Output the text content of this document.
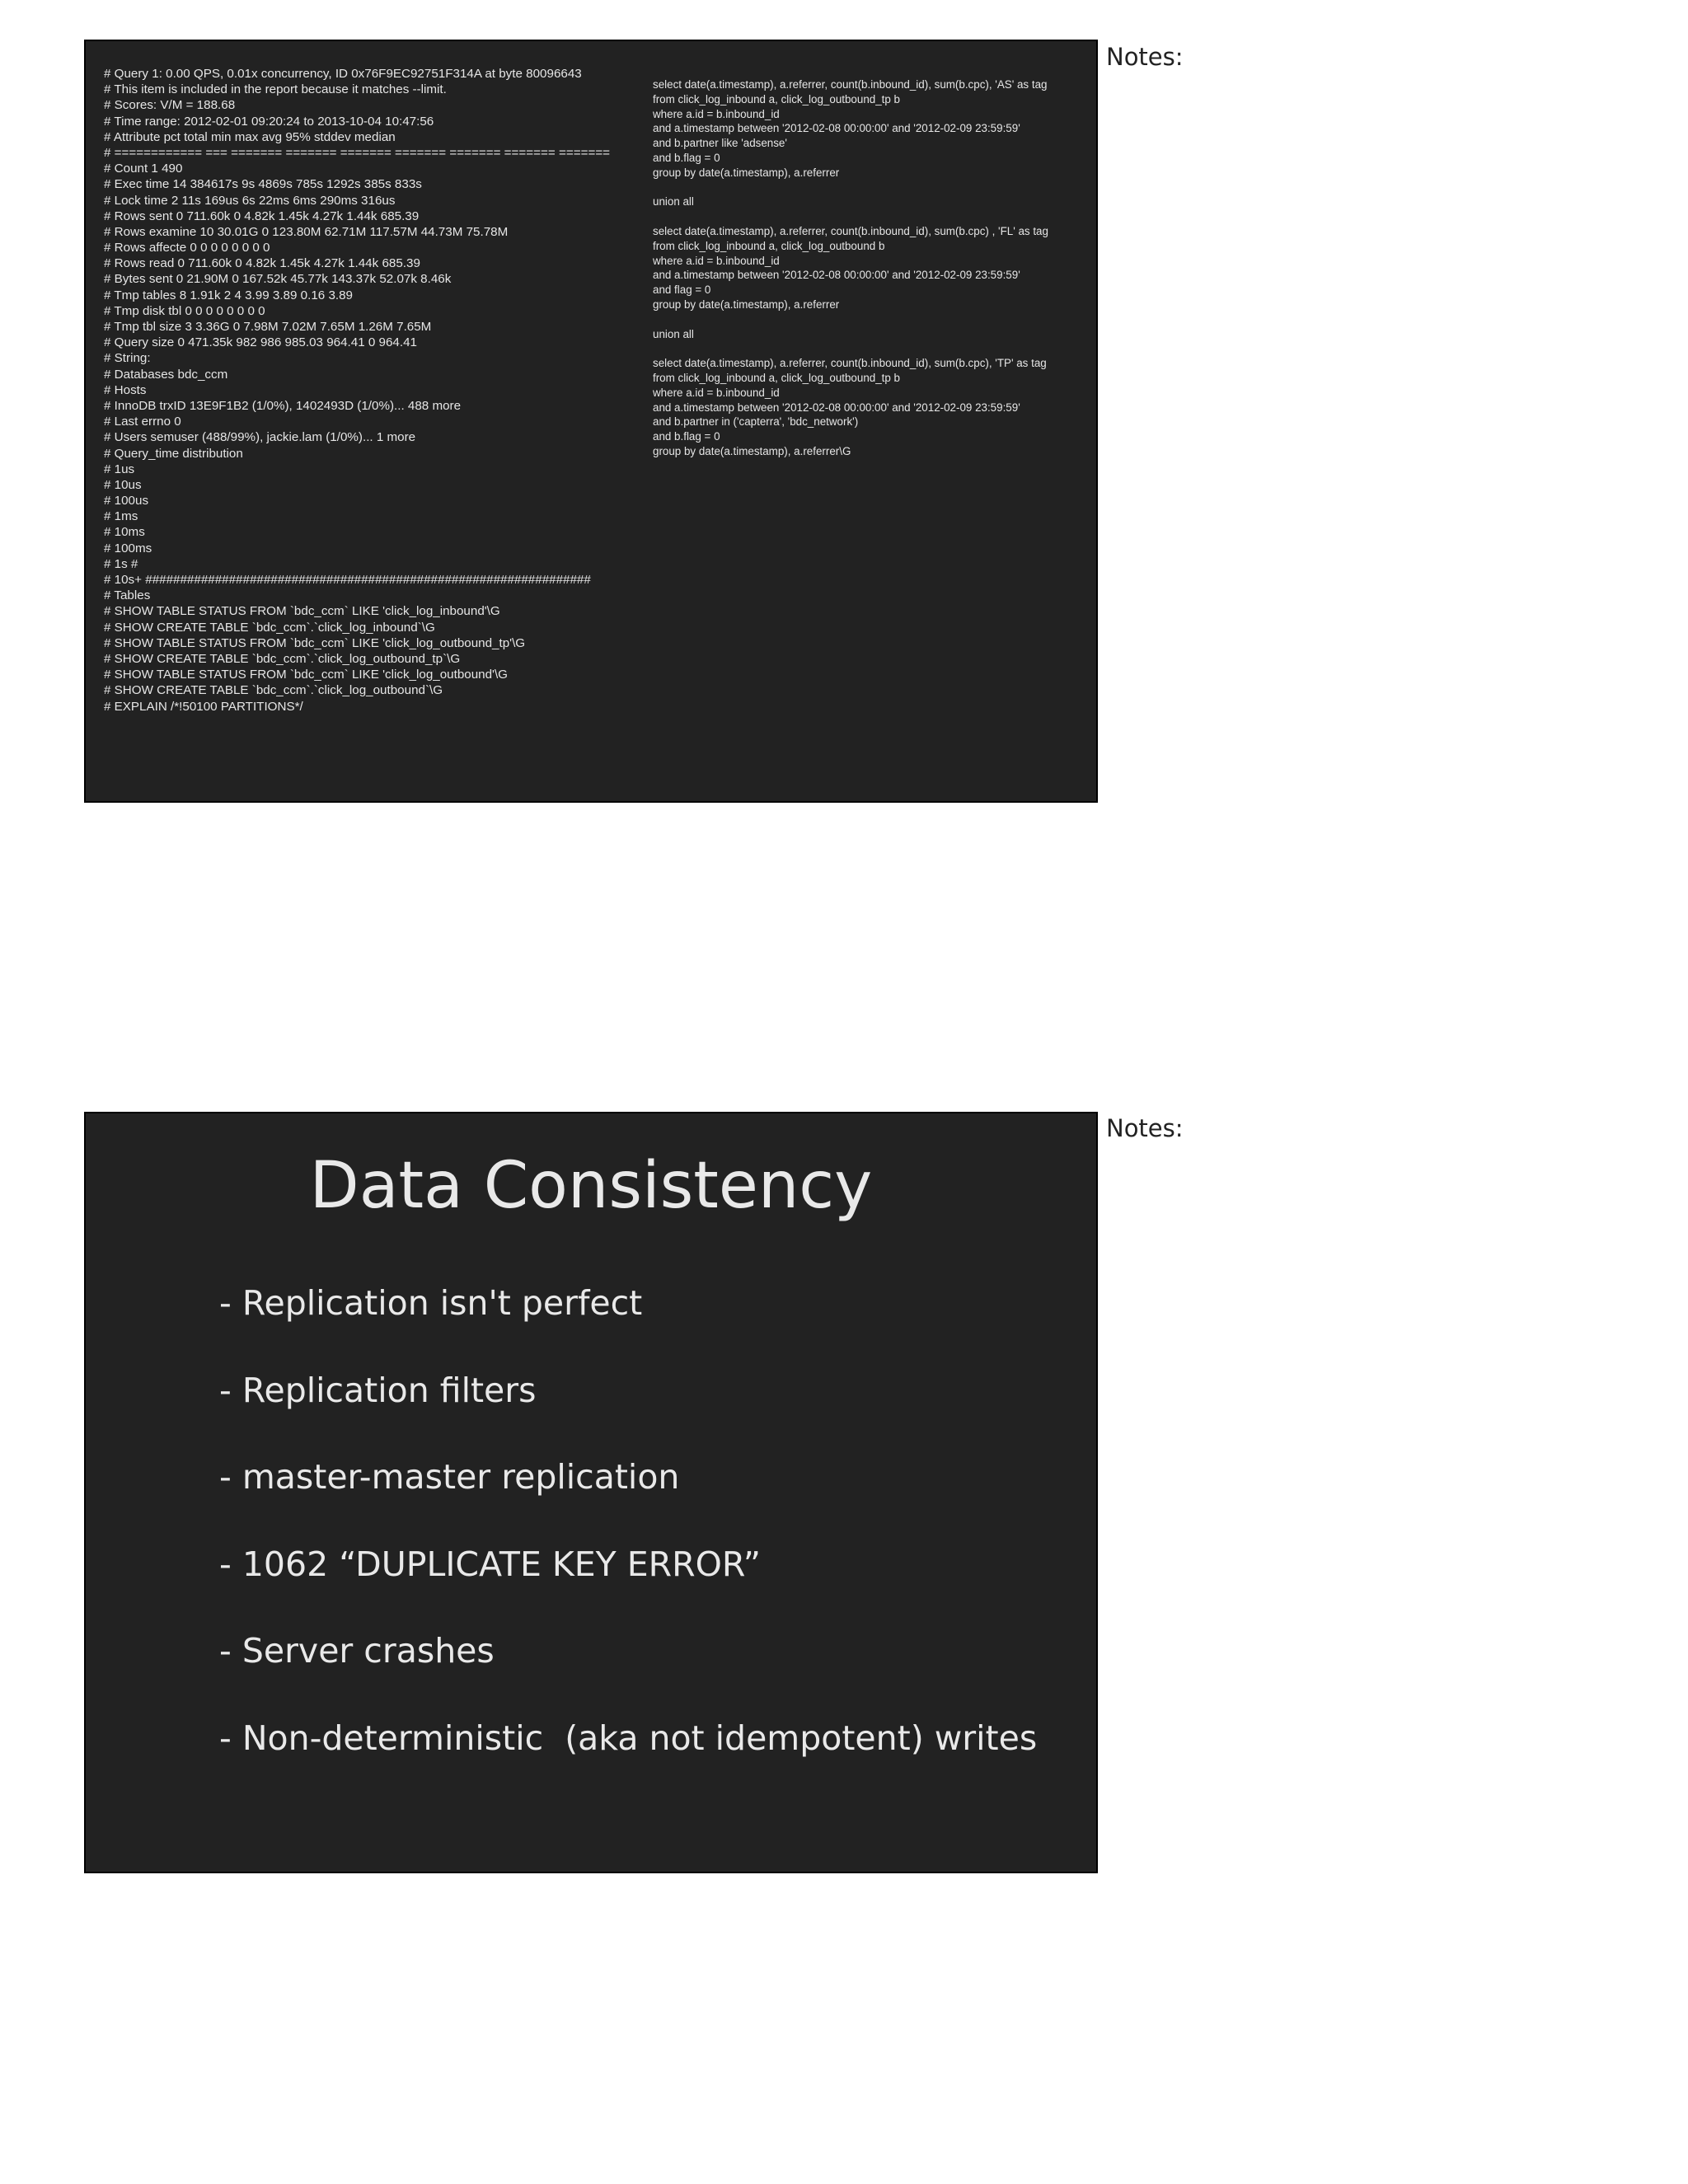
# Query 1: 0.00 QPS, 0.01x concurrency, ID 0x76F9EC92751F314A at byte 80096643
# This item is included in the report because it matches --limit.
# Scores: V/M = 188.68
# Time range: 2012-02-01 09:20:24 to 2013-10-04 10:47:56
# Attribute pct total min max avg 95% stddev median
# ============ === ======= ======= ======= ======= ======= ======= =======
# Count 1 490
# Exec time 14 384617s 9s 4869s 785s 1292s 385s 833s
# Lock time 2 11s 169us 6s 22ms 6ms 290ms 316us
# Rows sent 0 711.60k 0 4.82k 1.45k 4.27k 1.44k 685.39
# Rows examine 10 30.01G 0 123.80M 62.71M 117.57M 44.73M 75.78M
# Rows affecte 0 0 0 0 0 0 0 0
# Rows read 0 711.60k 0 4.82k 1.45k 4.27k 1.44k 685.39
# Bytes sent 0 21.90M 0 167.52k 45.77k 143.37k 52.07k 8.46k
# Tmp tables 8 1.91k 2 4 3.99 3.89 0.16 3.89
# Tmp disk tbl 0 0 0 0 0 0 0 0
# Tmp tbl size 3 3.36G 0 7.98M 7.02M 7.65M 1.26M 7.65M
# Query size 0 471.35k 982 986 985.03 964.41 0 964.41
# String:
# Databases bdc_ccm
# Hosts
# InnoDB trxID 13E9F1B2 (1/0%), 1402493D (1/0%)... 488 more
# Last errno 0
# Users semuser (488/99%), jackie.lam (1/0%)... 1 more
# Query_time distribution
# 1us
# 10us
# 100us
# 1ms
# 10ms
# 100ms
# 1s #
# 10s+ ################################################################
# Tables
# SHOW TABLE STATUS FROM `bdc_ccm` LIKE 'click_log_inbound'\G
# SHOW CREATE TABLE `bdc_ccm`.`click_log_inbound`\G
# SHOW TABLE STATUS FROM `bdc_ccm` LIKE 'click_log_outbound_tp'\G
# SHOW CREATE TABLE `bdc_ccm`.`click_log_outbound_tp`\G
# SHOW TABLE STATUS FROM `bdc_ccm` LIKE 'click_log_outbound'\G
# SHOW CREATE TABLE `bdc_ccm`.`click_log_outbound`\G
# EXPLAIN /*!50100 PARTITIONS*/
select date(a.timestamp), a.referrer, count(b.inbound_id), sum(b.cpc), 'AS' as tag
from click_log_inbound a, click_log_outbound_tp b
where a.id = b.inbound_id
and a.timestamp between '2012-02-08 00:00:00' and '2012-02-09 23:59:59'
and b.partner like 'adsense'
and b.flag = 0
group by date(a.timestamp), a.referrer
union all
select date(a.timestamp), a.referrer, count(b.inbound_id), sum(b.cpc) , 'FL' as tag
from click_log_inbound a, click_log_outbound b
where a.id = b.inbound_id
and a.timestamp between '2012-02-08 00:00:00' and '2012-02-09 23:59:59'
and flag = 0
group by date(a.timestamp), a.referrer
union all
select date(a.timestamp), a.referrer, count(b.inbound_id), sum(b.cpc), 'TP' as tag
from click_log_inbound a, click_log_outbound_tp b
where a.id = b.inbound_id
and a.timestamp between '2012-02-08 00:00:00' and '2012-02-09 23:59:59'
and b.partner in ('capterra', 'bdc_network')
and b.flag = 0
group by date(a.timestamp), a.referrer\G
Notes:
Data Consistency
- Replication isn't perfect
- Replication filters
- master-master replication
- 1062 “DUPLICATE KEY ERROR”
- Server crashes
- Non-deterministic  (aka not idempotent) writes
Notes:
